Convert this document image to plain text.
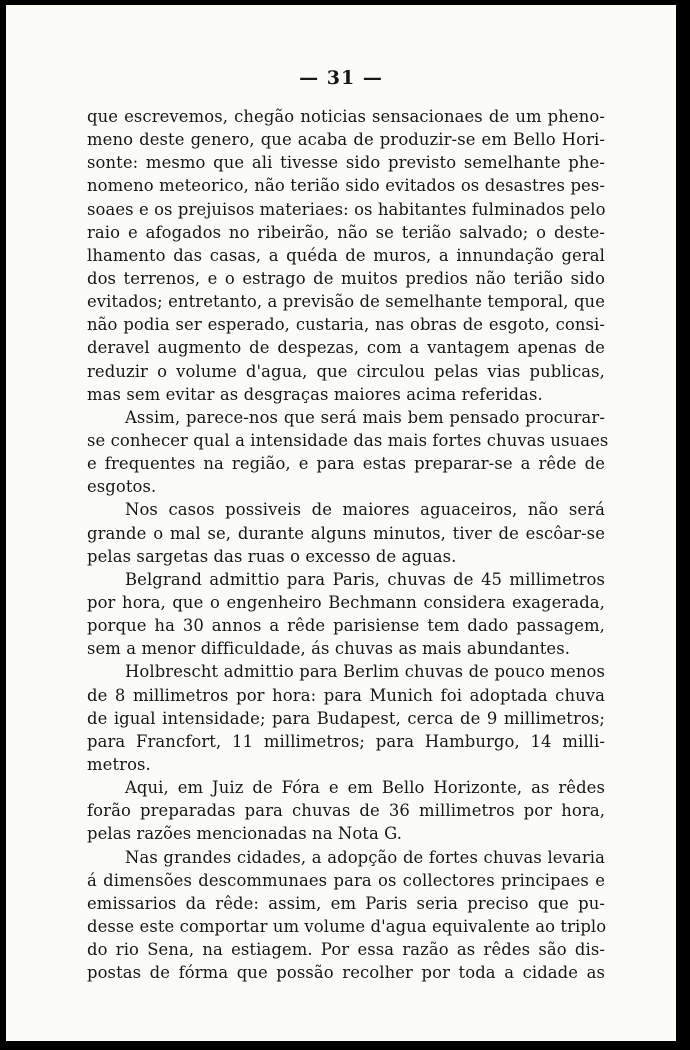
— 31 —
que escrevemos, chegão noticias sensacionaes de um pheno-
meno deste genero, que acaba de produzir-se em Bello Hori-
sonte: mesmo que ali tivesse sido previsto semelhante phe-
nomeno meteorico, não terião sido evitados os desastres pes-
soaes e os prejuisos materiaes: os habitantes fulminados pelo
raio e afogados no ribeirão, não se terião salvado; o deste-
lhamento das casas, a quéda de muros, a innundação geral
dos terrenos, e o estrago de muitos predios não terião sido
evitados; entretanto, a previsão de semelhante temporal, que
não podia ser esperado, custaria, nas obras de esgoto, consi-
deravel augmento de despezas, com a vantagem apenas de
reduzir o volume d'agua, que circulou pelas vias publicas,
mas sem evitar as desgraças maiores acima referidas.
Assim, parece-nos que será mais bem pensado procurar-
se conhecer qual a intensidade das mais fortes chuvas usuaes
e frequentes na região, e para estas preparar-se a rêde de
esgotos.
Nos casos possiveis de maiores aguaceiros, não será
grande o mal se, durante alguns minutos, tiver de escôar-se
pelas sargetas das ruas o excesso de aguas.
Belgrand admittio para Paris, chuvas de 45 millimetros
por hora, que o engenheiro Bechmann considera exagerada,
porque ha 30 annos a rêde parisiense tem dado passagem,
sem a menor difficuldade, ás chuvas as mais abundantes.
Holbrescht admittio para Berlim chuvas de pouco menos
de 8 millimetros por hora: para Munich foi adoptada chuva
de igual intensidade; para Budapest, cerca de 9 millimetros;
para Francfort, 11 millimetros; para Hamburgo, 14 milli-
metros.
Aqui, em Juiz de Fóra e em Bello Horizonte, as rêdes
forão preparadas para chuvas de 36 millimetros por hora,
pelas razões mencionadas na Nota G.
Nas grandes cidades, a adopção de fortes chuvas levaria
á dimensões descommunaes para os collectores principaes e
emissarios da rêde: assim, em Paris seria preciso que pu-
desse este comportar um volume d'agua equivalente ao triplo
do rio Sena, na estiagem. Por essa razão as rêdes são dis-
postas de fórma que possão recolher por toda a cidade as
